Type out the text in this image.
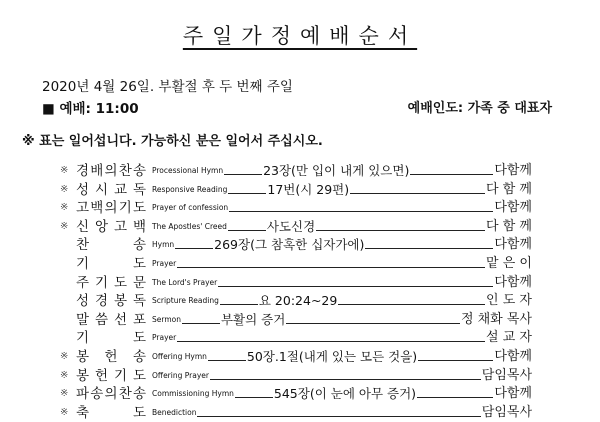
주일가정예배순서
2020년 4월 26일. 부활절 후 두 번째 주일
■ 예배: 11:00	예배인도: 가족 중 대표자
※ 표는 일어섭니다. 가능하신 분은 일어서 주십시오.
※ 경 배 의 찬 송 Processional Hymn	23장(만 입이 내게 있으면)	다함께
※ 성 시 교 독 Responsive Reading	17번(시 29편)	다 함 께
※ 고 백 의 기 도 Prayer of confession	다함께
※ 신 앙 고 백 The Apostles' Creed	사도신경	다 함 께
찬	송 Hymn	269장(그 참혹한 십자가에)	다함께
기	도 Prayer	맡 은 이
주 기 도 문 The Lord's Prayer	다함께
성 경 봉 독 Scripture Reading	요 20:24~29	인 도 자
말 씀 선 포 Sermon	부활의 증거	정 채화 목사
기	도 Prayer	설 교 자
※ 봉 헌 송 Offering Hymn	50장.1절(내게 있는 모든 것을)	다함께
※ 봉 헌 기 도 Offering Prayer	담임목사
※ 파 송 의 찬 송 Commissioning Hymn	545장(이 눈에 아무 증거)	다함께
※ 축	도 Benediction	담임목사
